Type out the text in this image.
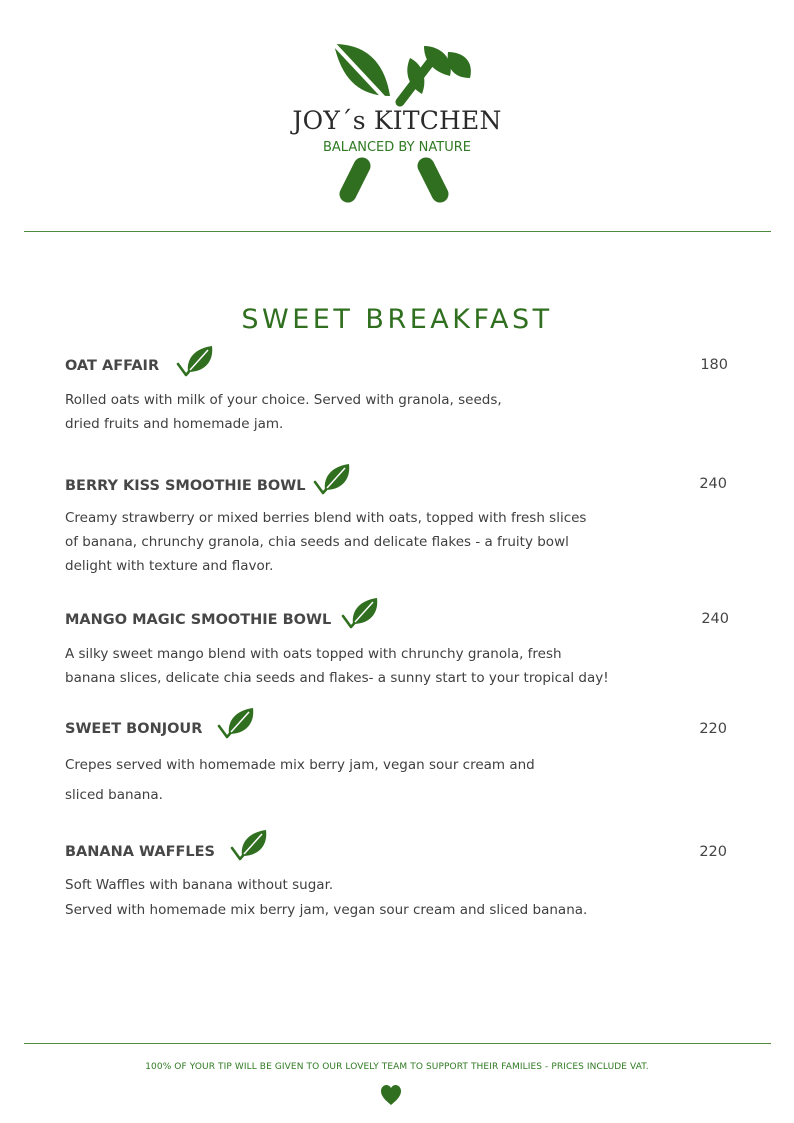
JOY´s KITCHEN
BALANCED BY NATURE
SWEET BREAKFAST
OAT AFFAIR	180
Rolled oats with milk of your choice. Served with granola, seeds,
dried fruits and homemade jam.
BERRY KISS SMOOTHIE BOWL	240
Creamy strawberry or mixed berries blend with oats, topped with fresh slices
of banana, chrunchy granola, chia seeds and delicate flakes - a fruity bowl
delight with texture and flavor.
MANGO MAGIC SMOOTHIE BOWL	240
A silky sweet mango blend with oats topped with chrunchy granola, fresh
banana slices, delicate chia seeds and flakes- a sunny start to your tropical day!
SWEET BONJOUR	220
Crepes served with homemade mix berry jam, vegan sour cream and
sliced banana.
BANANA WAFFLES	220
Soft Waffles with banana without sugar.
Served with homemade mix berry jam, vegan sour cream and sliced banana.
100% OF YOUR TIP WILL BE GIVEN TO OUR LOVELY TEAM TO SUPPORT THEIR FAMILIES - PRICES INCLUDE VAT.
